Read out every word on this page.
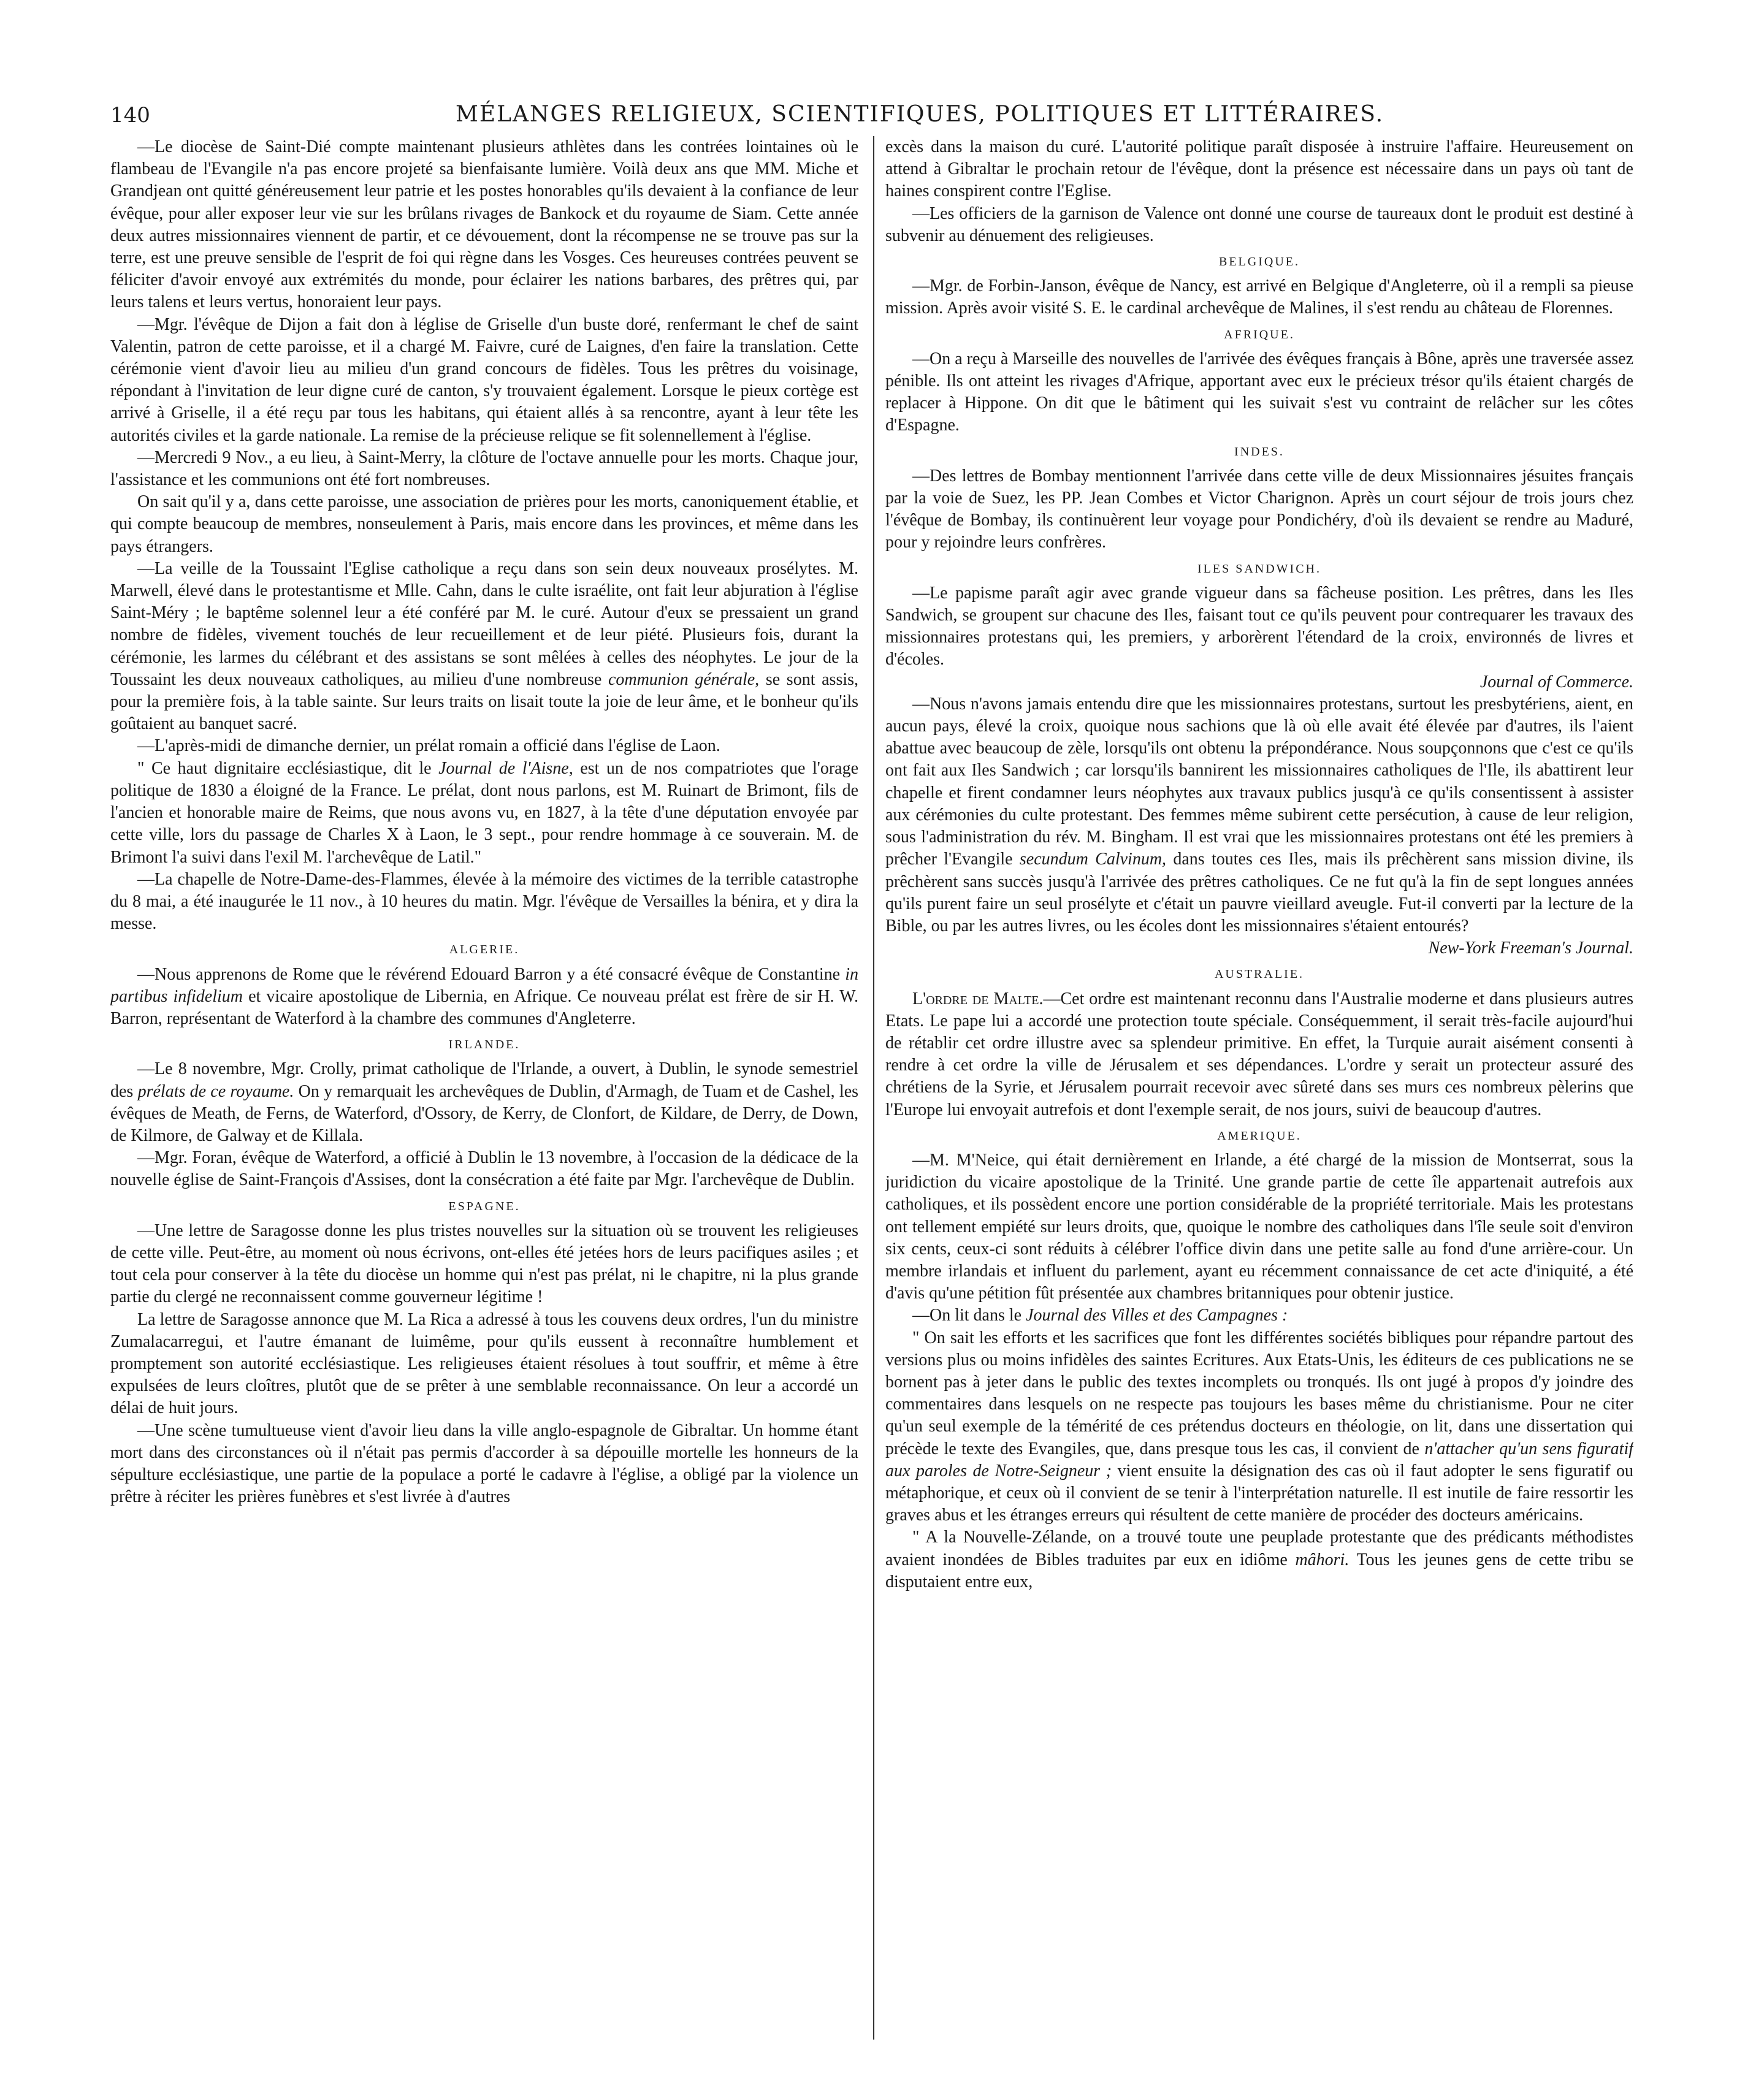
140	MÉLANGES RELIGIEUX, SCIENTIFIQUES, POLITIQUES ET LITTÉRAIRES.

—Le diocèse de Saint-Dié compte maintenant plusieurs athlètes dans les contrées lointaines où le flambeau de l'Evangile n'a pas encore projeté sa bienfaisante lumière. Voilà deux ans que MM. Miche et Grandjean ont quitté généreusement leur patrie et les postes honorables qu'ils devaient à la confiance de leur évêque, pour aller exposer leur vie sur les brûlans rivages de Bankock et du royaume de Siam. Cette année deux autres missionnaires viennent de partir, et ce dévouement, dont la récompense ne se trouve pas sur la terre, est une preuve sensible de l'esprit de foi qui règne dans les Vosges. Ces heureuses contrées peuvent se féliciter d'avoir envoyé aux extrémités du monde, pour éclairer les nations barbares, des prêtres qui, par leurs talens et leurs vertus, honoraient leur pays.

—Mgr. l'évêque de Dijon a fait don à léglise de Griselle d'un buste doré, renfermant le chef de saint Valentin, patron de cette paroisse, et il a chargé M. Faivre, curé de Laignes, d'en faire la translation. Cette cérémonie vient d'avoir lieu au milieu d'un grand concours de fidèles. Tous les prêtres du voisinage, répondant à l'invitation de leur digne curé de canton, s'y trouvaient également. Lorsque le pieux cortège est arrivé à Griselle, il a été reçu par tous les habitans, qui étaient allés à sa rencontre, ayant à leur tête les autorités civiles et la garde nationale. La remise de la précieuse relique se fit solennellement à l'église.

—Mercredi 9 Nov., a eu lieu, à Saint-Merry, la clôture de l'octave annuelle pour les morts. Chaque jour, l'assistance et les communions ont été fort nombreuses.

On sait qu'il y a, dans cette paroisse, une association de prières pour les morts, canoniquement établie, et qui compte beaucoup de membres, nonseulement à Paris, mais encore dans les provinces, et même dans les pays étrangers.

—La veille de la Toussaint l'Eglise catholique a reçu dans son sein deux nouveaux prosélytes. M. Marwell, élevé dans le protestantisme et Mlle. Cahn, dans le culte israélite, ont fait leur abjuration à l'église Saint-Méry ; le baptême solennel leur a été conféré par M. le curé. Autour d'eux se pressaient un grand nombre de fidèles, vivement touchés de leur recueillement et de leur piété. Plusieurs fois, durant la cérémonie, les larmes du célébrant et des assistans se sont mêlées à celles des néophytes. Le jour de la Toussaint les deux nouveaux catholiques, au milieu d'une nombreuse communion générale, se sont assis, pour la première fois, à la table sainte. Sur leurs traits on lisait toute la joie de leur âme, et le bonheur qu'ils goûtaient au banquet sacré.

—L'après-midi de dimanche dernier, un prélat romain a officié dans l'église de Laon.

" Ce haut dignitaire ecclésiastique, dit le Journal de l'Aisne, est un de nos compatriotes que l'orage politique de 1830 a éloigné de la France. Le prélat, dont nous parlons, est M. Ruinart de Brimont, fils de l'ancien et honorable maire de Reims, que nous avons vu, en 1827, à la tête d'une députation envoyée par cette ville, lors du passage de Charles X à Laon, le 3 sept., pour rendre hommage à ce souverain. M. de Brimont l'a suivi dans l'exil M. l'archevêque de Latil."

—La chapelle de Notre-Dame-des-Flammes, élevée à la mémoire des victimes de la terrible catastrophe du 8 mai, a été inaugurée le 11 nov., à 10 heures du matin. Mgr. l'évêque de Versailles la bénira, et y dira la messe.

ALGERIE.

—Nous apprenons de Rome que le révérend Edouard Barron y a été consacré évêque de Constantine in partibus infidelium et vicaire apostolique de Libernia, en Afrique. Ce nouveau prélat est frère de sir H. W. Barron, représentant de Waterford à la chambre des communes d'Angleterre.

IRLANDE.

—Le 8 novembre, Mgr. Crolly, primat catholique de l'Irlande, a ouvert, à Dublin, le synode semestriel des prélats de ce royaume. On y remarquait les archevêques de Dublin, d'Armagh, de Tuam et de Cashel, les évêques de Meath, de Ferns, de Waterford, d'Ossory, de Kerry, de Clonfort, de Kildare, de Derry, de Down, de Kilmore, de Galway et de Killala.

—Mgr. Foran, évêque de Waterford, a officié à Dublin le 13 novembre, à l'occasion de la dédicace de la nouvelle église de Saint-François d'Assises, dont la consécration a été faite par Mgr. l'archevêque de Dublin.

ESPAGNE.

—Une lettre de Saragosse donne les plus tristes nouvelles sur la situation où se trouvent les religieuses de cette ville. Peut-être, au moment où nous écrivons, ont-elles été jetées hors de leurs pacifiques asiles ; et tout cela pour conserver à la tête du diocèse un homme qui n'est pas prélat, ni le chapitre, ni la plus grande partie du clergé ne reconnaissent comme gouverneur légitime !

La lettre de Saragosse annonce que M. La Rica a adressé à tous les couvens deux ordres, l'un du ministre Zumalacarregui, et l'autre émanant de luimême, pour qu'ils eussent à reconnaître humblement et promptement son autorité ecclésiastique. Les religieuses étaient résolues à tout souffrir, et même à être expulsées de leurs cloîtres, plutôt que de se prêter à une semblable reconnaissance. On leur a accordé un délai de huit jours.

—Une scène tumultueuse vient d'avoir lieu dans la ville anglo-espagnole de Gibraltar. Un homme étant mort dans des circonstances où il n'était pas permis d'accorder à sa dépouille mortelle les honneurs de la sépulture ecclésiastique, une partie de la populace a porté le cadavre à l'église, a obligé par la violence un prêtre à réciter les prières funèbres et s'est livrée à d'autres

excès dans la maison du curé. L'autorité politique paraît disposée à instruire l'affaire. Heureusement on attend à Gibraltar le prochain retour de l'évêque, dont la présence est nécessaire dans un pays où tant de haines conspirent contre l'Eglise.

—Les officiers de la garnison de Valence ont donné une course de taureaux dont le produit est destiné à subvenir au dénuement des religieuses.

BELGIQUE.

—Mgr. de Forbin-Janson, évêque de Nancy, est arrivé en Belgique d'Angleterre, où il a rempli sa pieuse mission. Après avoir visité S. E. le cardinal archevêque de Malines, il s'est rendu au château de Florennes.

AFRIQUE.

—On a reçu à Marseille des nouvelles de l'arrivée des évêques français à Bône, après une traversée assez pénible. Ils ont atteint les rivages d'Afrique, apportant avec eux le précieux trésor qu'ils étaient chargés de replacer à Hippone. On dit que le bâtiment qui les suivait s'est vu contraint de relâcher sur les côtes d'Espagne.

INDES.

—Des lettres de Bombay mentionnent l'arrivée dans cette ville de deux Missionnaires jésuites français par la voie de Suez, les PP. Jean Combes et Victor Charignon. Après un court séjour de trois jours chez l'évêque de Bombay, ils continuèrent leur voyage pour Pondichéry, d'où ils devaient se rendre au Maduré, pour y rejoindre leurs confrères.

ILES SANDWICH.

—Le papisme paraît agir avec grande vigueur dans sa fâcheuse position. Les prêtres, dans les Iles Sandwich, se groupent sur chacune des Iles, faisant tout ce qu'ils peuvent pour contrequarer les travaux des missionnaires protestans qui, les premiers, y arborèrent l'étendard de la croix, environnés de livres et d'écoles.

Journal of Commerce.

—Nous n'avons jamais entendu dire que les missionnaires protestans, surtout les presbytériens, aient, en aucun pays, élevé la croix, quoique nous sachions que là où elle avait été élevée par d'autres, ils l'aient abattue avec beaucoup de zèle, lorsqu'ils ont obtenu la prépondérance. Nous soupçonnons que c'est ce qu'ils ont fait aux Iles Sandwich ; car lorsqu'ils bannirent les missionnaires catholiques de l'Ile, ils abattirent leur chapelle et firent condamner leurs néophytes aux travaux publics jusqu'à ce qu'ils consentissent à assister aux cérémonies du culte protestant. Des femmes même subirent cette persécution, à cause de leur religion, sous l'administration du rév. M. Bingham. Il est vrai que les missionnaires protestans ont été les premiers à prêcher l'Evangile secundum Calvinum, dans toutes ces Iles, mais ils prêchèrent sans mission divine, ils prêchèrent sans succès jusqu'à l'arrivée des prêtres catholiques. Ce ne fut qu'à la fin de sept longues années qu'ils purent faire un seul prosélyte et c'était un pauvre vieillard aveugle. Fut-il converti par la lecture de la Bible, ou par les autres livres, ou les écoles dont les missionnaires s'étaient entourés?

New-York Freeman's Journal.

AUSTRALIE.

L'ordre de Malte.—Cet ordre est maintenant reconnu dans l'Australie moderne et dans plusieurs autres Etats. Le pape lui a accordé une protection toute spéciale. Conséquemment, il serait très-facile aujourd'hui de rétablir cet ordre illustre avec sa splendeur primitive. En effet, la Turquie aurait aisément consenti à rendre à cet ordre la ville de Jérusalem et ses dépendances. L'ordre y serait un protecteur assuré des chrétiens de la Syrie, et Jérusalem pourrait recevoir avec sûreté dans ses murs ces nombreux pèlerins que l'Europe lui envoyait autrefois et dont l'exemple serait, de nos jours, suivi de beaucoup d'autres.

AMERIQUE.

—M. M'Neice, qui était dernièrement en Irlande, a été chargé de la mission de Montserrat, sous la juridiction du vicaire apostolique de la Trinité. Une grande partie de cette île appartenait autrefois aux catholiques, et ils possèdent encore une portion considérable de la propriété territoriale. Mais les protestans ont tellement empiété sur leurs droits, que, quoique le nombre des catholiques dans l'île seule soit d'environ six cents, ceux-ci sont réduits à célébrer l'office divin dans une petite salle au fond d'une arrière-cour. Un membre irlandais et influent du parlement, ayant eu récemment connaissance de cet acte d'iniquité, a été d'avis qu'une pétition fût présentée aux chambres britanniques pour obtenir justice.

—On lit dans le Journal des Villes et des Campagnes :

" On sait les efforts et les sacrifices que font les différentes sociétés bibliques pour répandre partout des versions plus ou moins infidèles des saintes Ecritures. Aux Etats-Unis, les éditeurs de ces publications ne se bornent pas à jeter dans le public des textes incomplets ou tronqués. Ils ont jugé à propos d'y joindre des commentaires dans lesquels on ne respecte pas toujours les bases même du christianisme. Pour ne citer qu'un seul exemple de la témérité de ces prétendus docteurs en théologie, on lit, dans une dissertation qui précède le texte des Evangiles, que, dans presque tous les cas, il convient de n'attacher qu'un sens figuratif aux paroles de Notre-Seigneur ; vient ensuite la désignation des cas où il faut adopter le sens figuratif ou métaphorique, et ceux où il convient de se tenir à l'interprétation naturelle. Il est inutile de faire ressortir les graves abus et les étranges erreurs qui résultent de cette manière de procéder des docteurs américains.

" A la Nouvelle-Zélande, on a trouvé toute une peuplade protestante que des prédicants méthodistes avaient inondées de Bibles traduites par eux en idiôme mâhori. Tous les jeunes gens de cette tribu se disputaient entre eux,
